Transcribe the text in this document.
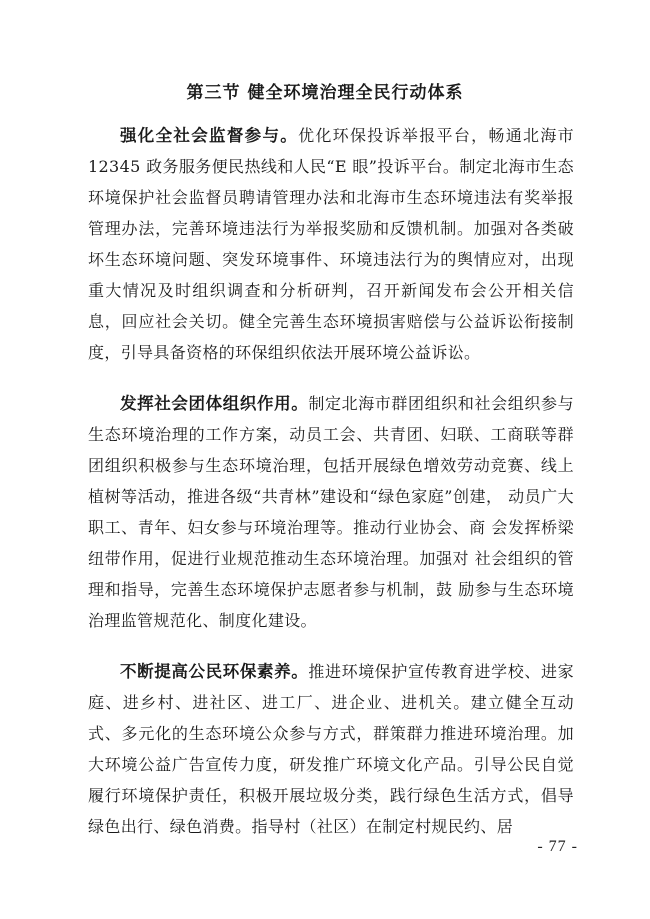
第三节 健全环境治理全民行动体系

强化全社会监督参与。优化环保投诉举报平台，畅通北海市 12345 政务服务便民热线和人民“E 眼”投诉平台。制定北海市生态环境保护社会监督员聘请管理办法和北海市生态环境违法有奖举报管理办法，完善环境违法行为举报奖励和反馈机制。加强对各类破坏生态环境问题、突发环境事件、环境违法行为的舆情应对，出现重大情况及时组织调查和分析研判，召开新闻发布会公开相关信息，回应社会关切。健全完善生态环境损害赔偿与公益诉讼衔接制度，引导具备资格的环保组织依法开展环境公益诉讼。

发挥社会团体组织作用。制定北海市群团组织和社会组织参与生态环境治理的工作方案，动员工会、共青团、妇联、工商联等群团组织积极参与生态环境治理，包括开展绿色增效劳动竞赛、线上植树等活动，推进各级“共青林”建设和“绿色家庭”创建， 动员广大职工、青年、妇女参与环境治理等。推动行业协会、商 会发挥桥梁纽带作用，促进行业规范推动生态环境治理。加强对 社会组织的管理和指导，完善生态环境保护志愿者参与机制，鼓 励参与生态环境治理监管规范化、制度化建设。

不断提高公民环保素养。推进环境保护宣传教育进学校、进家庭、进乡村、进社区、进工厂、进企业、进机关。建立健全互动式、多元化的生态环境公众参与方式，群策群力推进环境治理。加大环境公益广告宣传力度，研发推广环境文化产品。引导公民自觉履行环境保护责任，积极开展垃圾分类，践行绿色生活方式，倡导绿色出行、绿色消费。指导村（社区）在制定村规民约、居

- 77 -
